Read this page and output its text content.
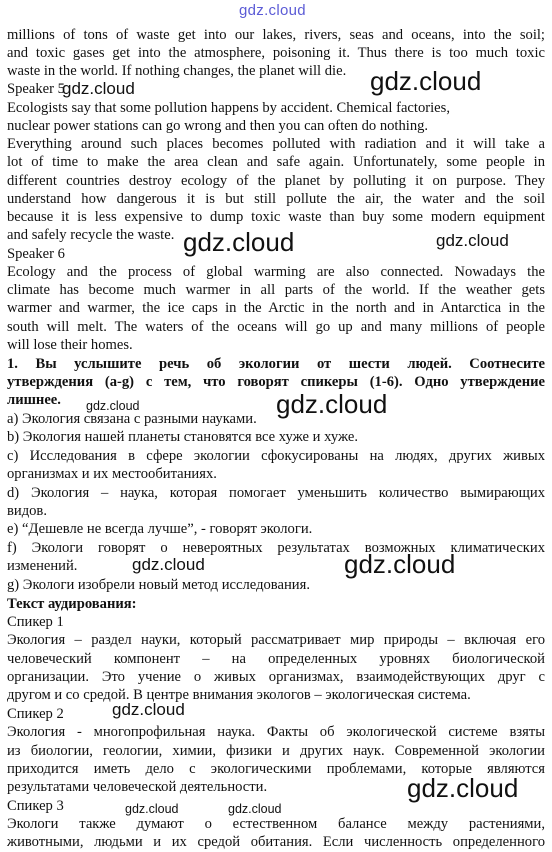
gdz.cloud

millions of tons of waste get into our lakes, rivers, seas and oceans, into the soil;

and toxic gases get into the atmosphere, poisoning it. Thus there is too much toxic

waste in the world. If nothing changes, the planet will die.

Speaker 5

Ecologists say that some pollution happens by accident. Chemical factories,

nuclear power stations can go wrong and then you can often do nothing.

Everything around such places becomes polluted with radiation and it will take a

lot of time to make the area clean and safe again. Unfortunately, some people in

different countries destroy ecology of the planet by polluting it on purpose. They

understand how dangerous it is but still pollute the air, the water and the soil

because it is less expensive to dump toxic waste than buy some modern equipment

and safely recycle the waste.

Speaker 6

Ecology and the process of global warming are also connected. Nowadays the

climate has become much warmer in all parts of the world. If the weather gets

warmer and warmer, the ice caps in the Arctic in the north and in Antarctica in the

south will melt. The waters of the oceans will go up and many millions of people

will lose their homes.

1. Вы услышите речь об экологии от шести людей. Соотнесите

утверждения (a-g) с тем, что говорят спикеры (1-6). Одно утверждение

лишнее.

a) Экология связана с разными науками.

b) Экология нашей планеты становятся все хуже и хуже.

c) Исследования в сфере экологии сфокусированы на людях, других живых

организмах и их местообитаниях.

d) Экология – наука, которая помогает уменьшить количество вымирающих

видов.

e) “Дешевле не всегда лучше”, - говорят экологи.

f) Экологи говорят о невероятных результатах возможных климатических

изменений.

g) Экологи изобрели новый метод исследования.

Текст аудирования:

Спикер 1

Экология – раздел науки, который рассматривает мир природы – включая его

человеческий компонент – на определенных уровнях биологической

организации. Это учение о живых организмах, взаимодействующих друг с

другом и со средой. В центре внимания экологов – экологическая система.

Спикер 2

Экология - многопрофильная наука. Факты об экологической системе взяты

из биологии, геологии, химии, физики и других наук. Современной экологии

приходится иметь дело с экологическими проблемами, которые являются

результатами человеческой деятельности.

Спикер 3

Экологи также думают о естественном балансе между растениями,

животными, людьми и их средой обитания. Если численность определенного

gdz.cloud
gdz.cloud
gdz.cloud	gdz.cloud
gdz.cloud	gdz.cloud
gdz.cloud	gdz.cloud
gdz.cloud
gdz.cloud
gdz.cloud	gdz.cloud
